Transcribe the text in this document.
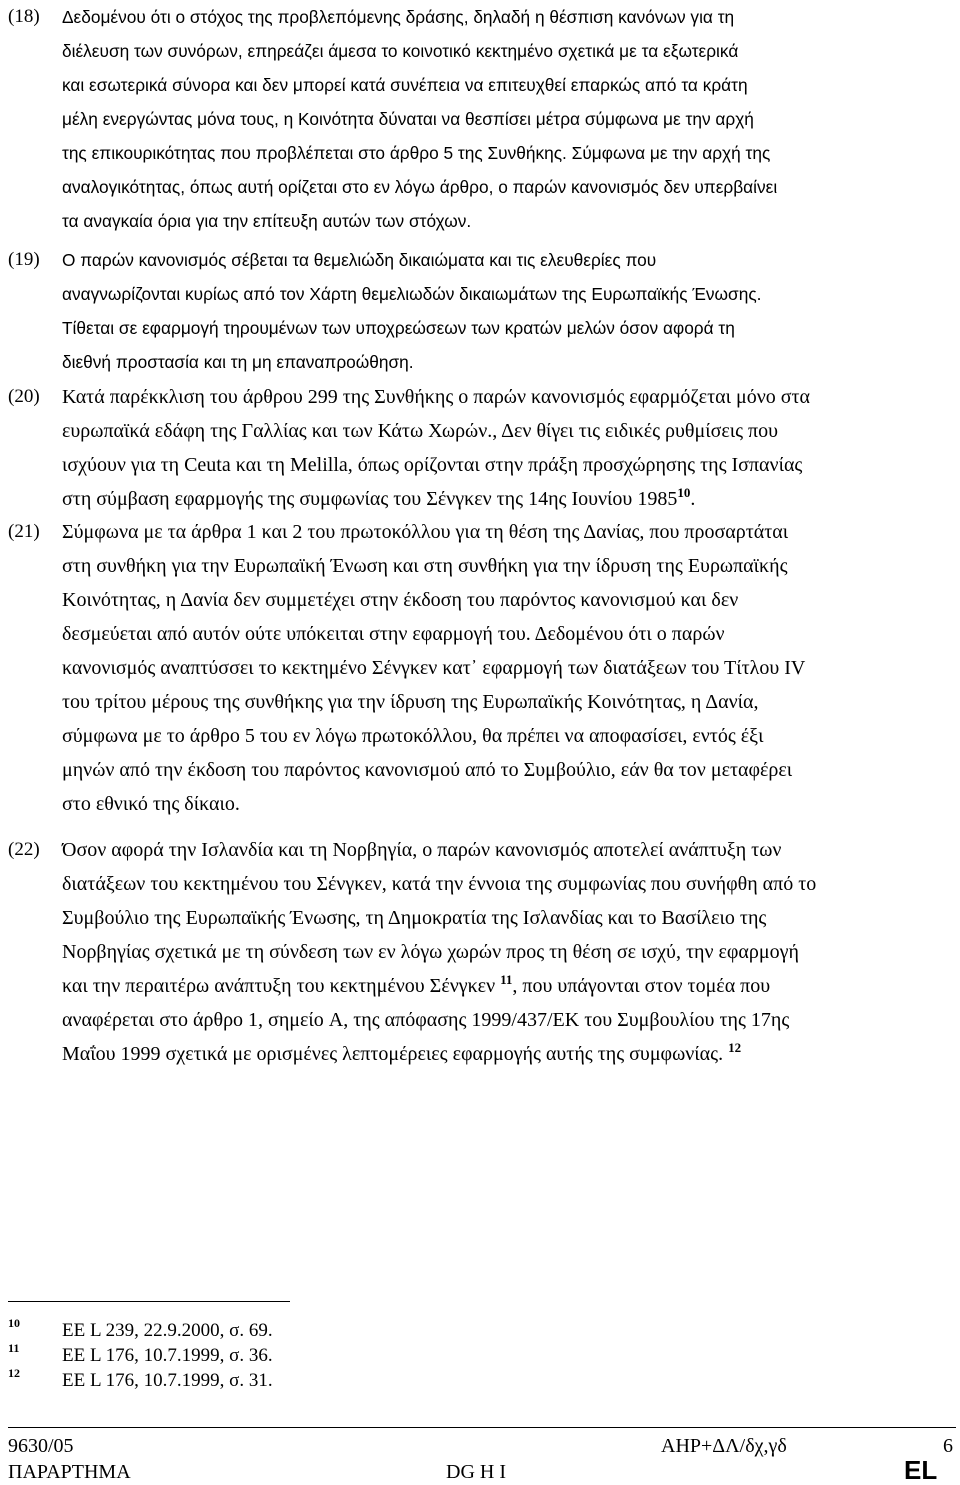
(18) Δεδομένου ότι ο στόχος της προβλεπόμενης δράσης, δηλαδή η θέσπιση κανόνων για τη
διέλευση των συνόρων, επηρεάζει άμεσα το κοινοτικό κεκτημένο σχετικά με τα εξωτερικά
και εσωτερικά σύνορα και δεν μπορεί κατά συνέπεια να επιτευχθεί επαρκώς από τα κράτη
μέλη ενεργώντας μόνα τους, η Κοινότητα δύναται να θεσπίσει μέτρα σύμφωνα με την αρχή
της επικουρικότητας που προβλέπεται στο άρθρο 5 της Συνθήκης. Σύμφωνα με την αρχή της
αναλογικότητας, όπως αυτή ορίζεται στο εν λόγω άρθρο, ο παρών κανονισμός δεν υπερβαίνει
τα αναγκαία όρια για την επίτευξη αυτών των στόχων.
(19) Ο παρών κανονισμός σέβεται τα θεμελιώδη δικαιώματα και τις ελευθερίες που
αναγνωρίζονται κυρίως από τον Χάρτη θεμελιωδών δικαιωμάτων της Ευρωπαϊκής Ένωσης.
Τίθεται σε εφαρμογή τηρουμένων των υποχρεώσεων των κρατών μελών όσον αφορά τη
διεθνή προστασία και τη μη επαναπροώθηση.
(20) Κατά παρέκκλιση του άρθρου 299 της Συνθήκης ο παρών κανονισμός εφαρμόζεται μόνο στα
ευρωπαϊκά εδάφη της Γαλλίας και των Κάτω Χωρών., Δεν θίγει τις ειδικές ρυθμίσεις που
ισχύουν για τη Ceuta και τη Melilla, όπως ορίζονται στην πράξη προσχώρησης της Ισπανίας
στη σύμβαση εφαρμογής της συμφωνίας του Σένγκεν της 14ης Ιουνίου 1985$^{10}$.
(21) Σύμφωνα με τα άρθρα 1 και 2 του πρωτοκόλλου για τη θέση της Δανίας, που προσαρτάται
στη συνθήκη για την Ευρωπαϊκή Ένωση και στη συνθήκη για την ίδρυση της Ευρωπαϊκής
Κοινότητας, η Δανία δεν συμμετέχει στην έκδοση του παρόντος κανονισμού και δεν
δεσμεύεται από αυτόν ούτε υπόκειται στην εφαρμογή του. Δεδομένου ότι ο παρών
κανονισμός αναπτύσσει το κεκτημένο Σένγκεν κατ᾽ εφαρμογή των διατάξεων του Τίτλου IV
του τρίτου μέρους της συνθήκης για την ίδρυση της Ευρωπαϊκής Κοινότητας, η Δανία,
σύμφωνα με το άρθρο 5 του εν λόγω πρωτοκόλλου, θα πρέπει να αποφασίσει, εντός έξι
μηνών από την έκδοση του παρόντος κανονισμού από το Συμβούλιο, εάν θα τον μεταφέρει
στο εθνικό της δίκαιο.
(22) Όσον αφορά την Ισλανδία και τη Νορβηγία, ο παρών κανονισμός αποτελεί ανάπτυξη των
διατάξεων του κεκτημένου του Σένγκεν, κατά την έννοια της συμφωνίας που συνήφθη από το
Συμβούλιο της Ευρωπαϊκής Ένωσης, τη Δημοκρατία της Ισλανδίας και το Βασίλειο της
Νορβηγίας σχετικά με τη σύνδεση των εν λόγω χωρών προς τη θέση σε ισχύ, την εφαρμογή
και την περαιτέρω ανάπτυξη του κεκτημένου Σένγκεν $^{11}$, που υπάγονται στον τομέα που
αναφέρεται στο άρθρο 1, σημείο A, της απόφασης 1999/437/ΕΚ του Συμβουλίου της 17ης
Μαΐου 1999 σχετικά με ορισμένες λεπτομέρειες εφαρμογής αυτής της συμφωνίας. $^{12}$
10 EE L 239, 22.9.2000, σ. 69.
11 EE L 176, 10.7.1999, σ. 36.
12 EE L 176, 10.7.1999, σ. 31.
9630/05
ΠΑΡΑΡΤΗΜΑ
ΑΗΡ+ΔΛ/δχ,γδ
DG H I
6
EL
